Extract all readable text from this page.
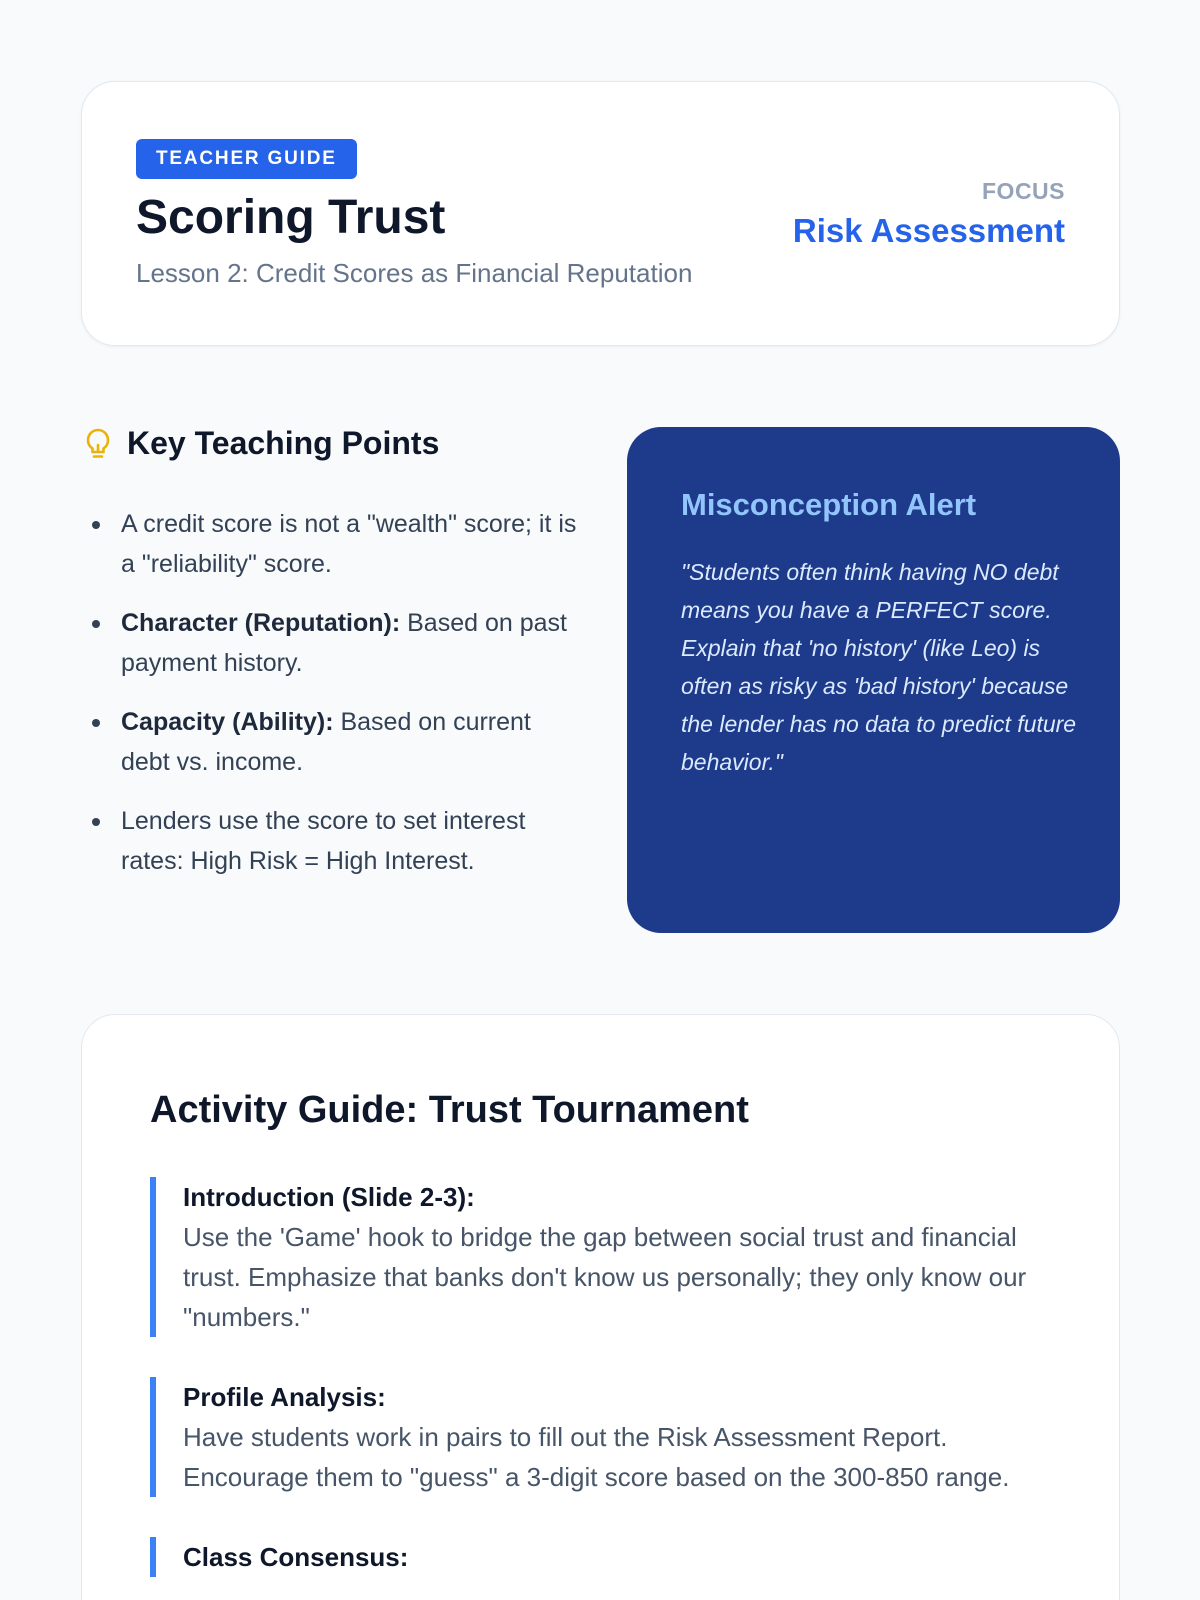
TEACHER GUIDE
Scoring Trust

Lesson 2: Credit Scores as Financial Reputation

FOCUS
Risk Assessment
Key Teaching Points
A credit score is not a "wealth" score; it is a "reliability" score.
Character (Reputation): Based on past payment history.
Capacity (Ability): Based on current debt vs. income.
Lenders use the score to set interest rates: High Risk = High Interest.
Misconception Alert

"Students often think having NO debt means you have a PERFECT score. Explain that 'no history' (like Leo) is often as risky as 'bad history' because the lender has no data to predict future behavior."

Activity Guide: Trust Tournament
Introduction (Slide 2-3):
Use the 'Game' hook to bridge the gap between social trust and financial trust. Emphasize that banks don't know us personally; they only know our "numbers."
Profile Analysis:
Have students work in pairs to fill out the Risk Assessment Report. Encourage them to "guess" a 3-digit score based on the 300-850 range.
Class Consensus:
